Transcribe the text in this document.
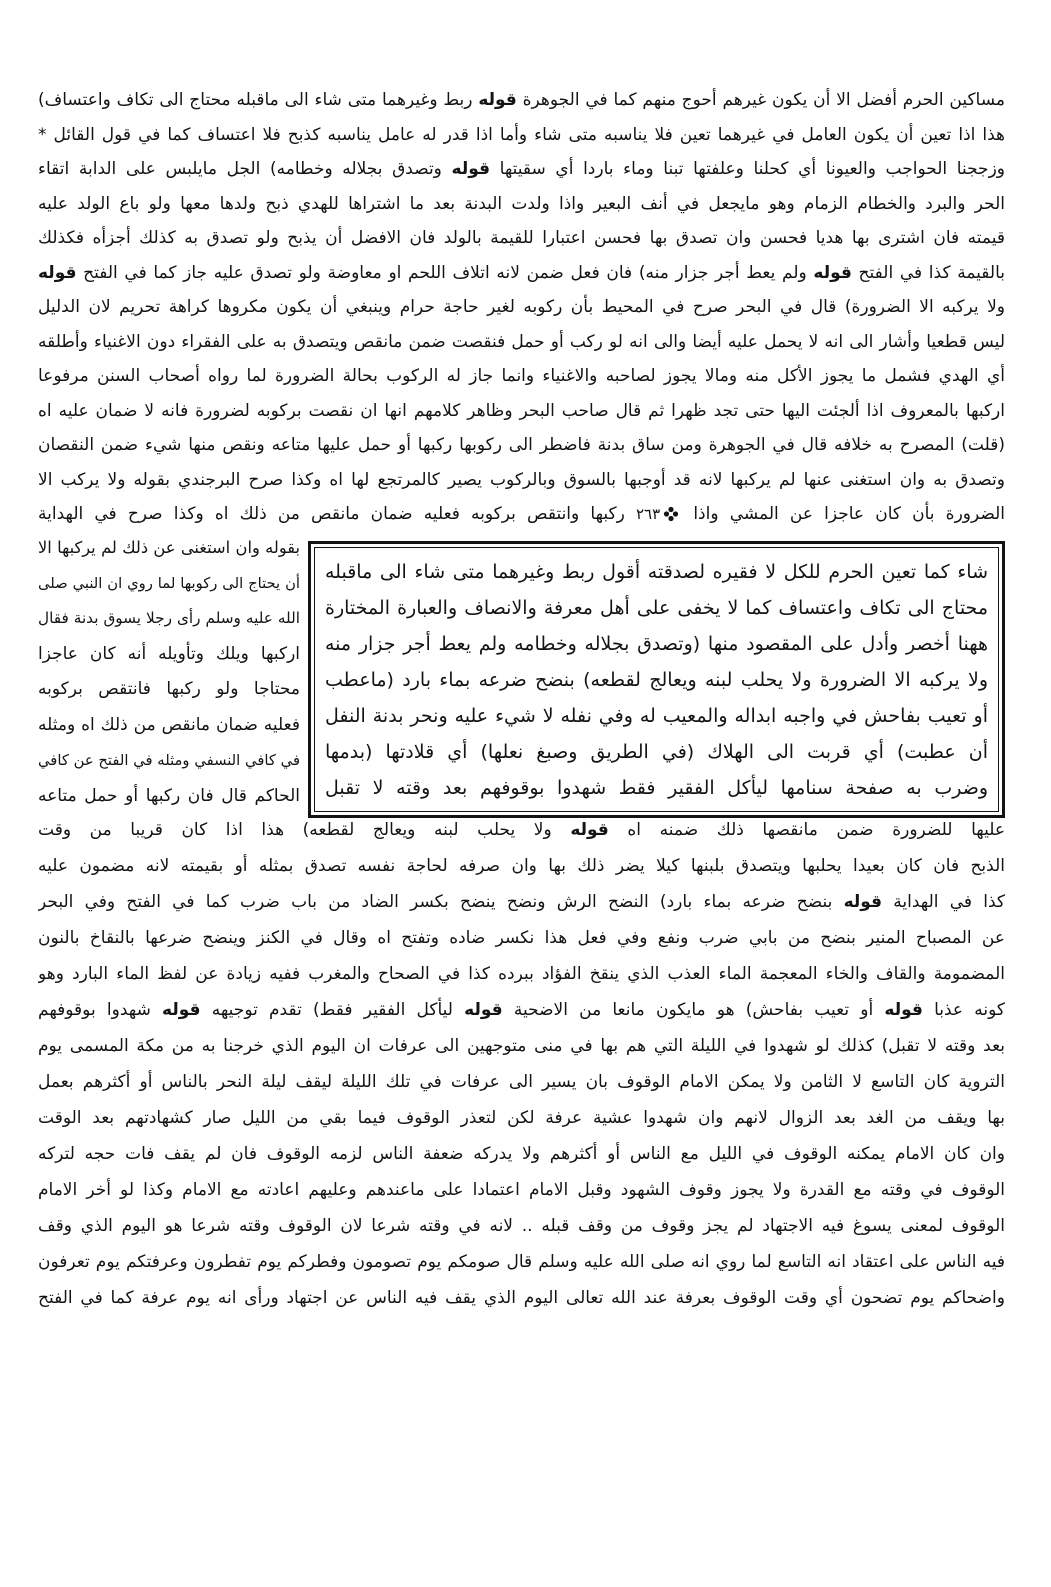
مساكين الحرم أفضل الا أن يكون غيرهم أحوج منهم كما في الجوهرة قوله ربط وغيرهما متى شاء الى ماقبله محتاج الى تكاف واعتساف)
هذا اذا تعين أن يكون العامل في غيرهما تعين فلا يناسبه متى شاء وأما اذا قدر له عامل يناسبه كذبح فلا اعتساف كما في قول القائل *
وزججنا الحواجب والعيونا أي كحلنا وعلفتها تبنا وماء باردا أي سقيتها قوله وتصدق بجلاله وخطامه) الجل مايلبس على الدابة اتقاء
الحر والبرد والخطام الزمام وهو مايجعل في أنف البعير واذا ولدت البدنة بعد ما اشتراها للهدي ذبح ولدها معها ولو باع الولد عليه
قيمته فان اشترى بها هديا فحسن وان تصدق بها فحسن اعتبارا للقيمة بالولد فان الافضل أن يذبح ولو تصدق به كذلك أجزأه فكذلك
بالقيمة كذا في الفتح قوله ولم يعط أجر جزار منه) فان فعل ضمن لانه اتلاف اللحم او معاوضة ولو تصدق عليه جاز كما في الفتح قوله
ولا يركبه الا الضرورة) قال في البحر صرح في المحيط بأن ركوبه لغير حاجة حرام وينبغي أن يكون مكروها كراهة تحريم لان الدليل
ليس قطعيا وأشار الى انه لا يحمل عليه أيضا والى انه لو ركب أو حمل فنقصت ضمن مانقص ويتصدق به على الفقراء دون الاغنياء وأطلقه
أي الهدي فشمل ما يجوز الأكل منه ومالا يجوز لصاحبه والاغنياء وانما جاز له الركوب بحالة الضرورة لما رواه أصحاب السنن مرفوعا
اركبها بالمعروف اذا ألجئت اليها حتى تجد ظهرا ثم قال صاحب البحر وظاهر كلامهم انها ان نقصت بركوبه لضرورة فانه لا ضمان عليه اه
(قلت) المصرح به خلافه قال في الجوهرة ومن ساق بدنة فاضطر الى ركوبها ركبها أو حمل عليها متاعه ونقص منها شيء ضمن النقصان
وتصدق به وان استغنى عنها لم يركبها لانه قد أوجبها بالسوق وبالركوب يصير كالمرتجع لها اه وكذا صرح البرجندي بقوله ولا يركب الا
الضرورة بأن كان عاجزا عن المشي واذا ٢٦٣ ركبها وانتقص بركوبه فعليه ضمان مانقص من ذلك اه وكذا صرح في الهداية
بقوله وان استغنى عن ذلك لم يركبها الا
أن يحتاج الى ركوبها لما روي ان النبي صلى
الله عليه وسلم رأى رجلا يسوق بدنة فقال
اركبها ويلك وتأويله أنه كان عاجزا
محتاجا ولو ركبها فانتقص بركوبه
فعليه ضمان مانقص من ذلك اه ومثله
في كافي النسفي ومثله في الفتح عن كافي
الحاكم قال فان ركبها أو حمل متاعه
شاء كما تعين الحرم للكل لا فقيره لصدقته أقول ربط وغيرهما متى شاء الى ماقبله
محتاج الى تكاف واعتساف كما لا يخفى على أهل معرفة والانصاف والعبارة المختارة
ههنا أخصر وأدل على المقصود منها (وتصدق بجلاله وخطامه ولم يعط أجر جزار منه
ولا يركبه الا الضرورة ولا يحلب لبنه ويعالج لقطعه) بنضح ضرعه بماء بارد (ماعطب
أو تعيب بفاحش في واجبه ابداله والمعيب له وفي نفله لا شيء عليه ونحر بدنة النفل
أن عطبت) أي قربت الى الهلاك (في الطريق وصبغ نعلها) أي قلادتها (بدمها
وضرب به صفحة سنامها ليأكل الفقير فقط شهدوا بوقوفهم بعد وقته لا تقبل
عليها للضرورة ضمن مانقصها ذلك ضمنه اه قوله ولا يحلب لبنه ويعالج لقطعه) هذا اذا كان قريبا من وقت
الذبح فان كان بعيدا يحلبها ويتصدق بلبنها كيلا يضر ذلك بها وان صرفه لحاجة نفسه تصدق بمثله أو بقيمته لانه مضمون عليه
كذا في الهداية قوله بنضح ضرعه بماء بارد) النضح الرش ونضح ينضح بكسر الضاد من باب ضرب كما في الفتح وفي البحر
عن المصباح المنير بنضح من بابي ضرب ونفع وفي فعل هذا نكسر ضاده وتفتح اه وقال في الكنز وينضح ضرعها بالنقاخ بالنون
المضمومة والقاف والخاء المعجمة الماء العذب الذي ينقخ الفؤاد ببرده كذا في الصحاح والمغرب ففيه زيادة عن لفظ الماء البارد وهو
كونه عذبا قوله أو تعيب بفاحش) هو مايكون مانعا من الاضحية قوله ليأكل الفقير فقط) تقدم توجيهه قوله شهدوا بوقوفهم
بعد وقته لا تقبل) كذلك لو شهدوا في الليلة التي هم بها في منى متوجهين الى عرفات ان اليوم الذي خرجنا به من مكة المسمى يوم
التروية كان التاسع لا الثامن ولا يمكن الامام الوقوف بان يسير الى عرفات في تلك الليلة ليقف ليلة النحر بالناس أو أكثرهم بعمل
بها ويقف من الغد بعد الزوال لانهم وان شهدوا عشية عرفة لكن لتعذر الوقوف فيما بقي من الليل صار كشهادتهم بعد الوقت
وان كان الامام يمكنه الوقوف في الليل مع الناس أو أكثرهم ولا يدركه ضعفة الناس لزمه الوقوف فان لم يقف فات حجه لتركه
الوقوف في وقته مع القدرة ولا يجوز وقوف الشهود وقبل الامام اعتمادا على ماعندهم وعليهم اعادته مع الامام وكذا لو أخر الامام
الوقوف لمعنى يسوغ فيه الاجتهاد لم يجز وقوف من وقف قبله .. لانه في وقته شرعا لان الوقوف وقته شرعا هو اليوم الذي وقف
فيه الناس على اعتقاد انه التاسع لما روي انه صلى الله عليه وسلم قال صومكم يوم تصومون وفطركم يوم تفطرون وعرفتكم يوم تعرفون
واضحاكم يوم تضحون أي وقت الوقوف بعرفة عند الله تعالى اليوم الذي يقف فيه الناس عن اجتهاد ورأى انه يوم عرفة كما في الفتح
